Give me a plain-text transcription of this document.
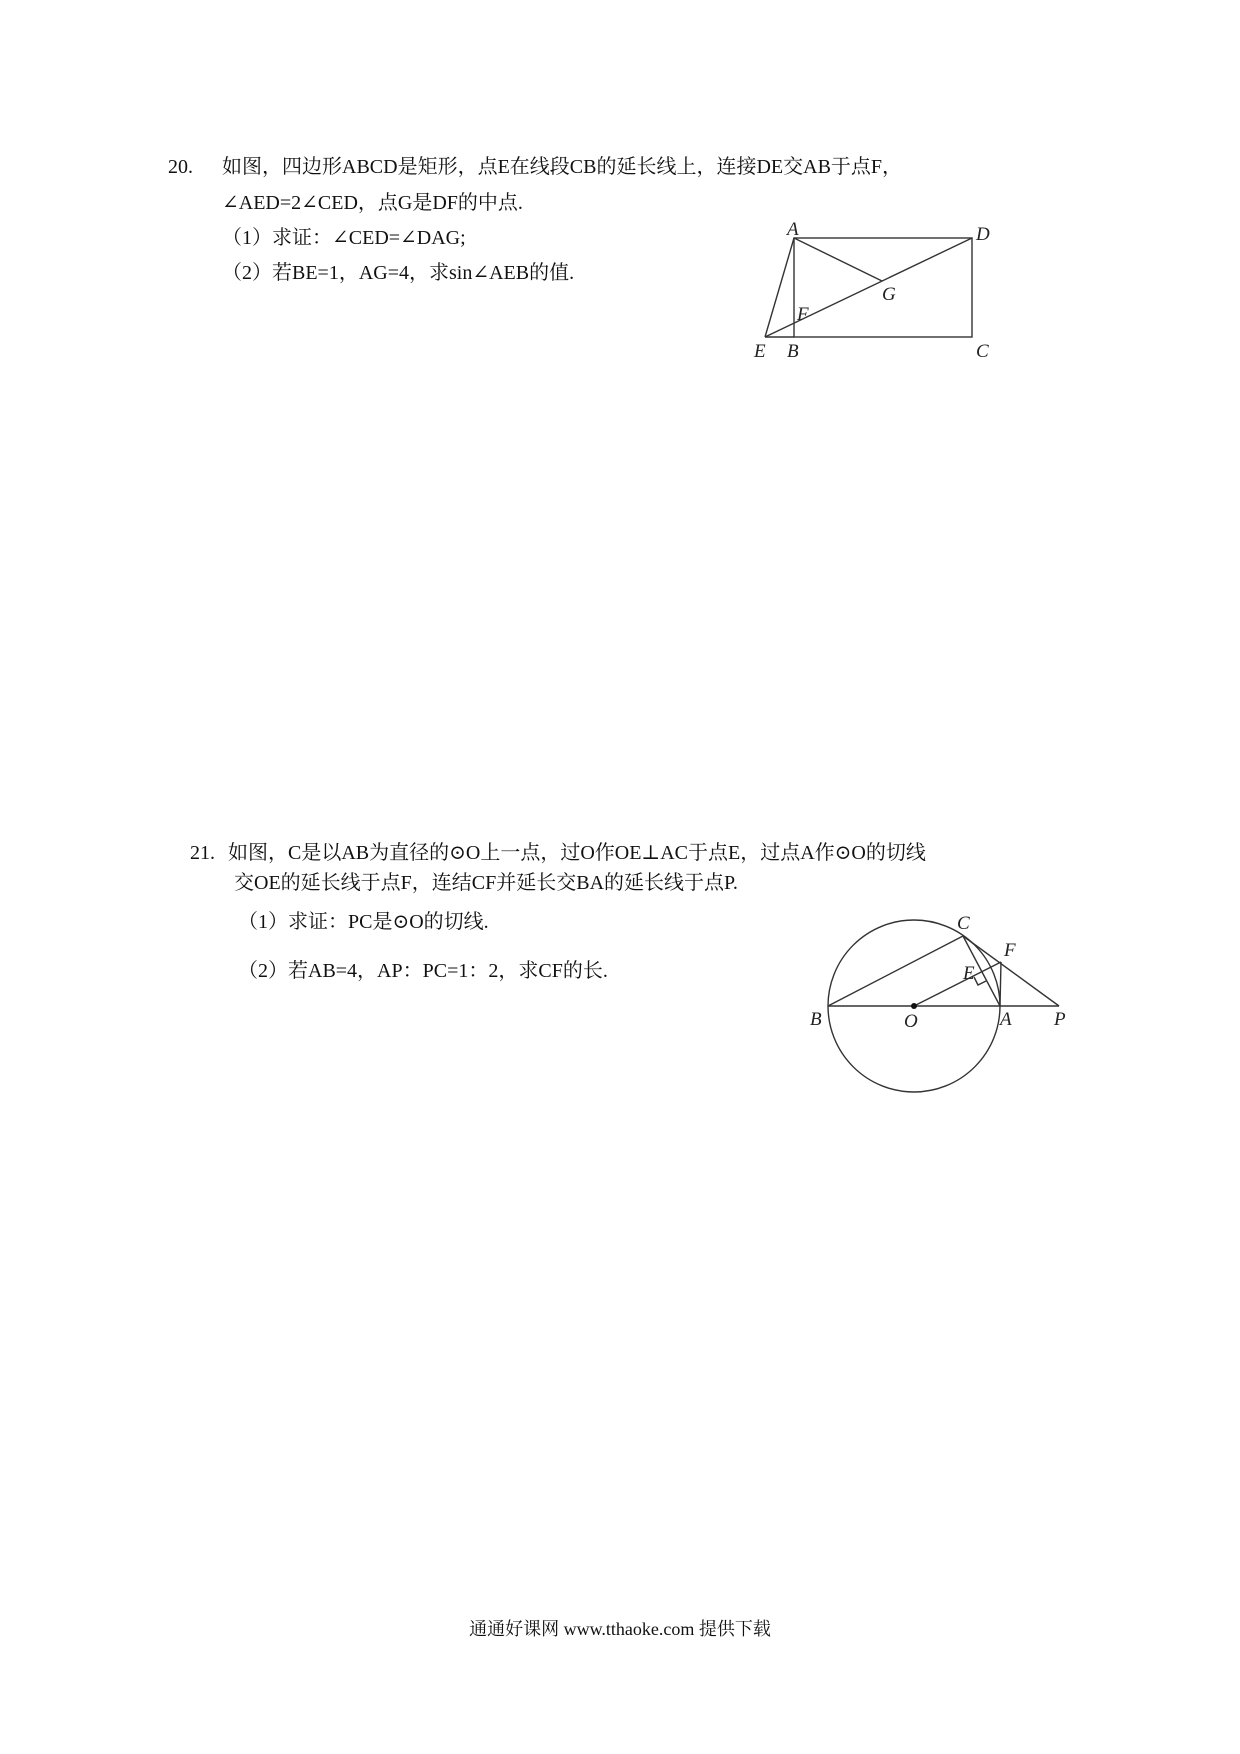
20. 如图，四边形ABCD是矩形，点E在线段CB的延长线上，连接DE交AB于点F，
∠AED=2∠CED，点G是DF的中点.
（1）求证：∠CED=∠DAG;
（2）若BE=1，AG=4，求sin∠AEB的值.
A	D
G
F
E B	C
21. 如图，C是以AB为直径的⊙O上一点，过O作OE⊥AC于点E，过点A作⊙O的切线
交OE的延长线于点F，连结CF并延长交BA的延长线于点P.
（1）求证：PC是⊙O的切线.
（2）若AB=4，AP：PC=1：2，求CF的长.
C
F
E
B	O	A P
通通好课网 www.tthaoke.com 提供下载
